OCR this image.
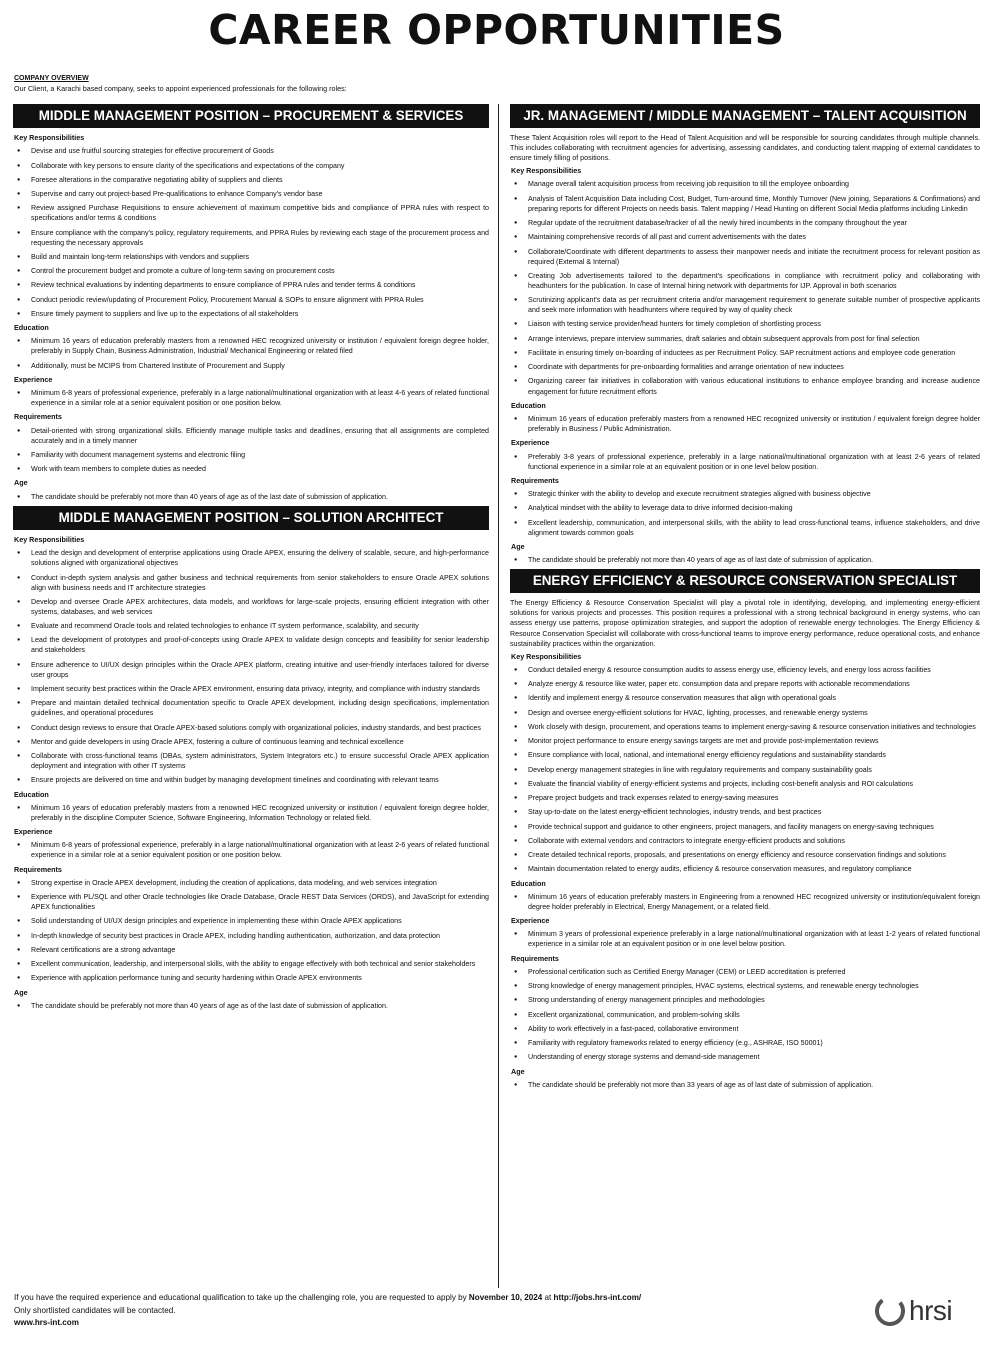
CAREER OPPORTUNITIES
COMPANY OVERVIEW
Our Client, a Karachi based company, seeks to appoint experienced professionals for the following roles:
MIDDLE MANAGEMENT POSITION – PROCUREMENT & SERVICES
Key Responsibilities
● Devise and use fruitful sourcing strategies for effective procurement of Goods
● Collaborate with key persons to ensure clarity of the specifications and expectations of the company
● Foresee alterations in the comparative negotiating ability of suppliers and clients
● Supervise and carry out project-based Pre-qualifications to enhance Company's vendor base
● Review assigned Purchase Requisitions to ensure achievement of maximum competitive bids and compliance of PPRA rules with respect to specifications and/or terms & conditions
● Ensure compliance with the company's policy, regulatory requirements, and PPRA Rules by reviewing each stage of the procurement process and requesting the necessary approvals
● Build and maintain long-term relationships with vendors and suppliers
● Control the procurement budget and promote a culture of long-term saving on procurement costs
● Review technical evaluations by indenting departments to ensure compliance of PPRA rules and tender terms & conditions
● Conduct periodic review/updating of Procurement Policy, Procurement Manual & SOPs to ensure alignment with PPRA Rules
● Ensure timely payment to suppliers and live up to the expectations of all stakeholders
Education
● Minimum 16 years of education preferably masters from a renowned HEC recognized university or institution / equivalent foreign degree holder, preferably in Supply Chain, Business Administration, Industrial/ Mechanical Engineering or related filed
● Additionally, must be MCIPS from Chartered Institute of Procurement and Supply
Experience
● Minimum 6-8 years of professional experience, preferably in a large national/multinational organization with at least 4-6 years of related functional experience in a similar role at a senior equivalent position or one position below.
Requirements
● Detail-oriented with strong organizational skills. Efficiently manage multiple tasks and deadlines, ensuring that all assignments are completed accurately and in a timely manner
● Familiarity with document management systems and electronic filing
● Work with team members to complete duties as needed
Age
● The candidate should be preferably not more than 40 years of age as of the last date of submission of application.
MIDDLE MANAGEMENT POSITION – SOLUTION ARCHITECT
Key Responsibilities
● Lead the design and development of enterprise applications using Oracle APEX, ensuring the delivery of scalable, secure, and high-performance solutions aligned with organizational objectives
● Conduct in-depth system analysis and gather business and technical requirements from senior stakeholders to ensure Oracle APEX solutions align with business needs and IT architecture strategies
● Develop and oversee Oracle APEX architectures, data models, and workflows for large-scale projects, ensuring efficient integration with other systems, databases, and web services
● Evaluate and recommend Oracle tools and related technologies to enhance IT system performance, scalability, and security
● Lead the development of prototypes and proof-of-concepts using Oracle APEX to validate design concepts and feasibility for senior leadership and stakeholders
● Ensure adherence to UI/UX design principles within the Oracle APEX platform, creating intuitive and user-friendly interfaces tailored for diverse user groups
● Implement security best practices within the Oracle APEX environment, ensuring data privacy, integrity, and compliance with industry standards
● Prepare and maintain detailed technical documentation specific to Oracle APEX development, including design specifications, implementation guidelines, and operational procedures
● Conduct design reviews to ensure that Oracle APEX-based solutions comply with organizational policies, industry standards, and best practices
● Mentor and guide developers in using Oracle APEX, fostering a culture of continuous learning and technical excellence
● Collaborate with cross-functional teams (DBAs, system administrators, System Integrators etc.) to ensure successful Oracle APEX application deployment and integration with other IT systems
● Ensure projects are delivered on time and within budget by managing development timelines and coordinating with relevant teams
Education
● Minimum 16 years of education preferably masters from a renowned HEC recognized university or institution / equivalent foreign degree holder, preferably in the discipline Computer Science, Software Engineering, Information Technology or related field.
Experience
● Minimum 6-8 years of professional experience, preferably in a large national/multinational organization with at least 2-6 years of related functional experience in a similar role at a senior equivalent position or one position below.
Requirements
● Strong expertise in Oracle APEX development, including the creation of applications, data modeling, and web services integration
● Experience with PL/SQL and other Oracle technologies like Oracle Database, Oracle REST Data Services (ORDS), and JavaScript for extending APEX functionalities
● Solid understanding of UI/UX design principles and experience in implementing these within Oracle APEX applications
● In-depth knowledge of security best practices in Oracle APEX, including handling authentication, authorization, and data protection
● Relevant certifications are a strong advantage
● Excellent communication, leadership, and interpersonal skills, with the ability to engage effectively with both technical and senior stakeholders
● Experience with application performance tuning and security hardening within Oracle APEX environments
Age
● The candidate should be preferably not more than 40 years of age as of the last date of submission of application.
JR. MANAGEMENT / MIDDLE MANAGEMENT – TALENT ACQUISITION
These Talent Acquisition roles will report to the Head of Talent Acquisition and will be responsible for sourcing candidates through multiple channels. This includes collaborating with recruitment agencies for advertising, assessing candidates, and conducting talent mapping of external candidates to ensure timely filling of positions.
Key Responsibilities
● Manage overall talent acquisition process from receiving job requisition to till the employee onboarding
● Analysis of Talent Acquisition Data including Cost, Budget, Turn-around time, Monthly Turnover (New joining, Separations & Confirmations) and preparing reports for different Projects on needs basis. Talent mapping / Head Hunting on different Social Media platforms including Linkedin
● Regular update of the recruitment database/tracker of all the newly hired incumbents in the company throughout the year
● Maintaining comprehensive records of all past and current advertisements with the dates
● Collaborate/Coordinate with different departments to assess their manpower needs and initiate the recruitment process for relevant position as required (External & Internal)
● Creating Job advertisements tailored to the department's specifications in compliance with recruitment policy and collaborating with headhunters for the publication. In case of Internal hiring network with departments for IJP. Approval in both scenarios
● Scrutinizing applicant's data as per recruitment criteria and/or management requirement to generate suitable number of prospective applicants and seek more information with headhunters where required by way of quality check
● Liaison with testing service provider/head hunters for timely completion of shortlisting process
● Arrange interviews, prepare interview summaries, draft salaries and obtain subsequent approvals from post for final selection
● Facilitate in ensuring timely on-boarding of inductees as per Recruitment Policy. SAP recruitment actions and employee code generation
● Coordinate with departments for pre-onboarding formalities and arrange orientation of new inductees
● Organizing career fair initiatives in collaboration with various educational institutions to enhance employee branding and increase audience engagement for future recruitment efforts
Education
● Minimum 16 years of education preferably masters from a renowned HEC recognized university or institution / equivalent foreign degree holder preferably in Business / Public Administration.
Experience
● Preferably 3-8 years of professional experience, preferably in a large national/multinational organization with at least 2-6 years of related functional experience in a similar role at an equivalent position or in one level below position.
Requirements
● Strategic thinker with the ability to develop and execute recruitment strategies aligned with business objective
● Analytical mindset with the ability to leverage data to drive informed decision-making
● Excellent leadership, communication, and interpersonal skills, with the ability to lead cross-functional teams, influence stakeholders, and drive alignment towards common goals
Age
● The candidate should be preferably not more than 40 years of age as of last date of submission of application.
ENERGY EFFICIENCY & RESOURCE CONSERVATION SPECIALIST
The Energy Efficiency & Resource Conservation Specialist will play a pivotal role in identifying, developing, and implementing energy-efficient solutions for various projects and processes. This position requires a professional with a strong technical background in energy systems, who can assess energy use patterns, propose optimization strategies, and support the adoption of renewable energy technologies. The Energy Efficiency & Resource Conservation Specialist will collaborate with cross-functional teams to improve energy performance, reduce operational costs, and enhance sustainability practices within the organization.
Key Responsibilities
● Conduct detailed energy & resource consumption audits to assess energy use, efficiency levels, and energy loss across facilities
● Analyze energy & resource like water, paper etc. consumption data and prepare reports with actionable recommendations
● Identify and implement energy & resource conservation measures that align with operational goals
● Design and oversee energy-efficient solutions for HVAC, lighting, processes, and renewable energy systems
● Work closely with design, procurement, and operations teams to implement energy-saving & resource conservation initiatives and technologies
● Monitor project performance to ensure energy savings targets are met and provide post-implementation reviews
● Ensure compliance with local, national, and international energy efficiency regulations and sustainability standards
● Develop energy management strategies in line with regulatory requirements and company sustainability goals
● Evaluate the financial viability of energy-efficient systems and projects, including cost-benefit analysis and ROI calculations
● Prepare project budgets and track expenses related to energy-saving measures
● Stay up-to-date on the latest energy-efficient technologies, industry trends, and best practices
● Provide technical support and guidance to other engineers, project managers, and facility managers on energy-saving techniques
● Collaborate with external vendors and contractors to integrate energy-efficient products and solutions
● Create detailed technical reports, proposals, and presentations on energy efficiency and resource conservation findings and solutions
● Maintain documentation related to energy audits, efficiency & resource conservation measures, and regulatory compliance
Education
● Minimum 16 years of education preferably masters in Engineering from a renowned HEC recognized university or institution/equivalent foreign degree holder preferably in Electrical, Energy Management, or a related field.
Experience
● Minimum 3 years of professional experience preferably in a large national/multinational organization with at least 1-2 years of related functional experience in a similar role at an equivalent position or in one level below position.
Requirements
● Professional certification such as Certified Energy Manager (CEM) or LEED accreditation is preferred
● Strong knowledge of energy management principles, HVAC systems, electrical systems, and renewable energy technologies
● Strong understanding of energy management principles and methodologies
● Excellent organizational, communication, and problem-solving skills
● Ability to work effectively in a fast-paced, collaborative environment
● Familiarity with regulatory frameworks related to energy efficiency (e.g., ASHRAE, ISO 50001)
● Understanding of energy storage systems and demand-side management
Age
● The candidate should be preferably not more than 33 years of age as of last date of submission of application.
If you have the required experience and educational qualification to take up the challenging role, you are requested to apply by November 10, 2024 at http://jobs.hrs-int.com/
Only shortlisted candidates will be contacted.
www.hrs-int.com	hrsi
